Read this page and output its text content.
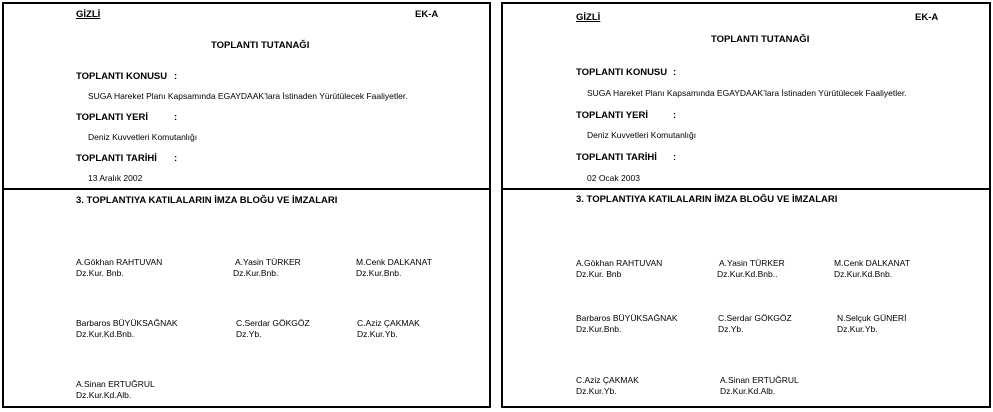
GİZLİ	EK-A
TOPLANTI TUTANAĞI
TOPLANTI KONUSU :
SUGA Hareket Planı Kapsamında EGAYDAAK’lara İstinaden Yürütülecek Faaliyetler.
TOPLANTI YERİ	:
Deniz Kuvvetleri Komutanlığı
TOPLANTI TARİHİ :
13 Aralık 2002
3. TOPLANTIYA KATILALARIN İMZA BLOĞU VE İMZALARI
A.Gökhan RAHTUVAN
Dz.Kur. Bnb.
A.Yasin TÜRKER
Dz.Kur.Bnb.
M.Cenk DALKANAT
Dz.Kur.Bnb.
Barbaros BÜYÜKSAĞNAK
Dz.Kur.Kd.Bnb.
C.Serdar GÖKGÖZ
Dz.Yb.
C.Aziz ÇAKMAK
Dz.Kur.Yb.
A.Sinan ERTUĞRUL
Dz.Kur.Kd.Alb.
GİZLİ	EK-A
TOPLANTI TUTANAĞI
TOPLANTI KONUSU :
SUGA Hareket Planı Kapsamında EGAYDAAK’lara İstinaden Yürütülecek Faaliyetler.
TOPLANTI YERİ	:
Deniz Kuvvetleri Komutanlığı
TOPLANTI TARİHİ :
02 Ocak 2003
3. TOPLANTIYA KATILALARIN İMZA BLOĞU VE İMZALARI
A.Gökhan RAHTUVAN
Dz.Kur. Bnb
A.Yasin TÜRKER
Dz.Kur.Kd.Bnb..
M.Cenk DALKANAT
Dz.Kur.Kd.Bnb.
Barbaros BÜYÜKSAĞNAK
Dz.Kur.Bnb.
C.Serdar GÖKGÖZ
Dz.Yb.
N.Selçuk GÜNERİ
Dz.Kur.Yb.
C.Aziz ÇAKMAK
Dz.Kur.Yb.
A.Sinan ERTUĞRUL
Dz.Kur.Kd.Alb.
